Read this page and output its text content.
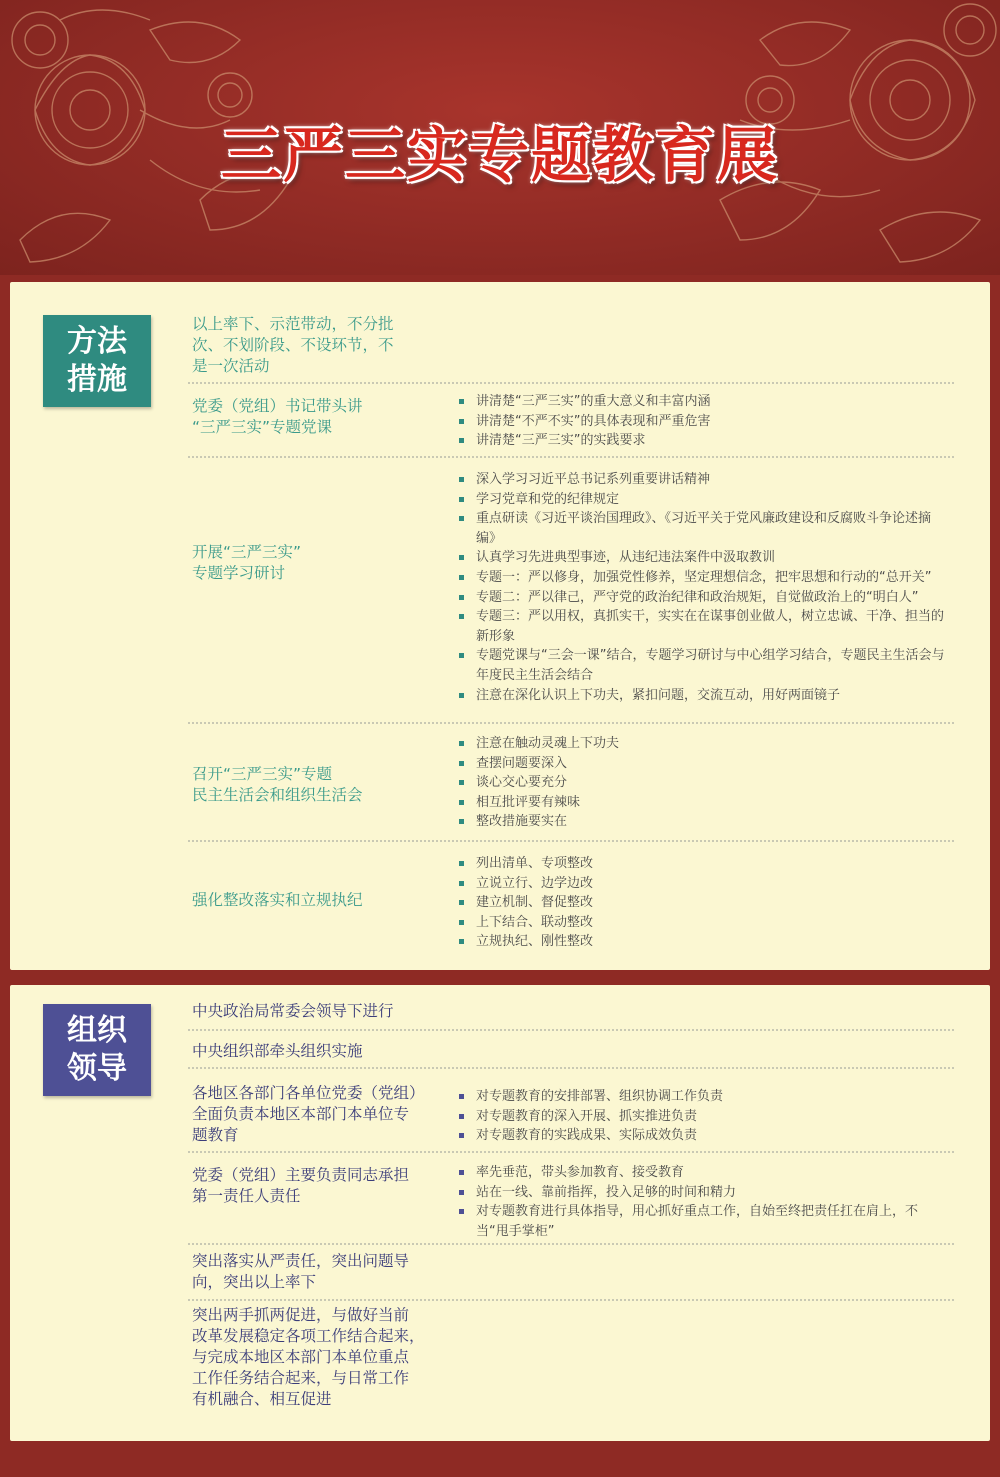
三严三实专题教育展
方法
措施
以上率下、示范带动，不分批
次、不划阶段、不设环节，不
是一次活动
党委（党组）书记带头讲
“三严三实”专题党课
讲清楚“三严三实”的重大意义和丰富内涵
讲清楚“不严不实”的具体表现和严重危害
讲清楚“三严三实”的实践要求
开展“三严三实”
专题学习研讨
深入学习习近平总书记系列重要讲话精神
学习党章和党的纪律规定
重点研读《习近平谈治国理政》、《习近平关于党风廉政建设和反腐败斗争论述摘编》
认真学习先进典型事迹，从违纪违法案件中汲取教训
专题一：严以修身，加强党性修养，坚定理想信念，把牢思想和行动的“总开关”
专题二：严以律己，严守党的政治纪律和政治规矩，自觉做政治上的“明白人”
专题三：严以用权，真抓实干，实实在在谋事创业做人，树立忠诚、干净、担当的新形象
专题党课与“三会一课”结合，专题学习研讨与中心组学习结合，专题民主生活会与年度民主生活会结合
注意在深化认识上下功夫，紧扣问题，交流互动，用好两面镜子
召开“三严三实”专题
民主生活会和组织生活会
注意在触动灵魂上下功夫
查摆问题要深入
谈心交心要充分
相互批评要有辣味
整改措施要实在
强化整改落实和立规执纪
列出清单、专项整改
立说立行、边学边改
建立机制、督促整改
上下结合、联动整改
立规执纪、刚性整改
组织
领导
中央政治局常委会领导下进行
中央组织部牵头组织实施
各地区各部门各单位党委（党组）
全面负责本地区本部门本单位专
题教育
对专题教育的安排部署、组织协调工作负责
对专题教育的深入开展、抓实推进负责
对专题教育的实践成果、实际成效负责
党委（党组）主要负责同志承担
第一责任人责任
率先垂范，带头参加教育、接受教育
站在一线、靠前指挥，投入足够的时间和精力
对专题教育进行具体指导，用心抓好重点工作，自始至终把责任扛在肩上，不当“甩手掌柜”
突出落实从严责任，突出问题导
向，突出以上率下
突出两手抓两促进，与做好当前
改革发展稳定各项工作结合起来，
与完成本地区本部门本单位重点
工作任务结合起来，与日常工作
有机融合、相互促进
